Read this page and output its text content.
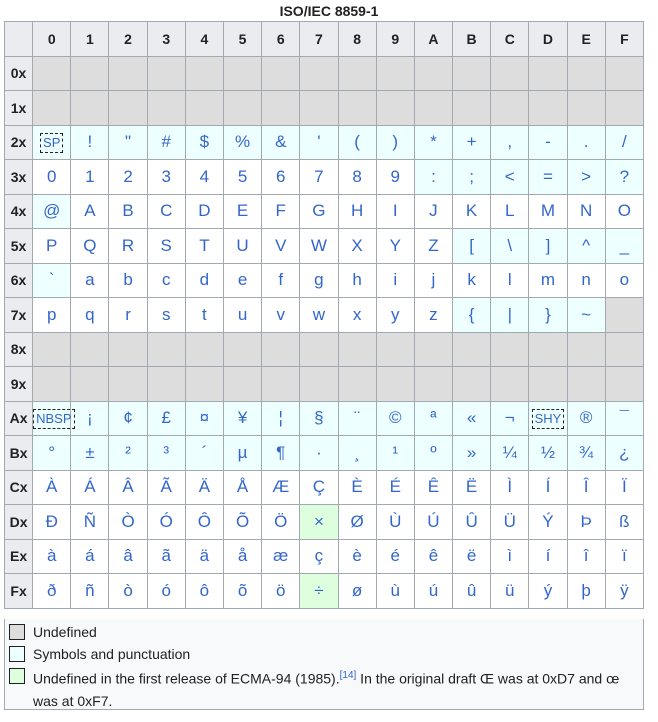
ISO/IEC 8859-1
	0	1	2	3	4	5	6	7	8	9	A	B	C	D	E	F
0x																
1x																
2x	SP	!	"	#	$	%	&	'	(	)	*	+	,	-	.	/
3x	0	1	2	3	4	5	6	7	8	9	:	;	<	=	>	?
4x	@	A	B	C	D	E	F	G	H	I	J	K	L	M	N	O
5x	P	Q	R	S	T	U	V	W	X	Y	Z	[	\	]	^	_
6x	`	a	b	c	d	e	f	g	h	i	j	k	l	m	n	o
7x	p	q	r	s	t	u	v	w	x	y	z	{	|	}	~	
8x																
9x																
Ax	NBSP	¡	¢	£	¤	¥	¦	§	¨	©	ª	«	¬	SHY	®	¯
Bx	°	±	²	³	´	µ	¶	·	¸	¹	º	»	¼	½	¾	¿
Cx	À	Á	Â	Ã	Ä	Å	Æ	Ç	È	É	Ê	Ë	Ì	Í	Î	Ï
Dx	Ð	Ñ	Ò	Ó	Ô	Õ	Ö	×	Ø	Ù	Ú	Û	Ü	Ý	Þ	ß
Ex	à	á	â	ã	ä	å	æ	ç	è	é	ê	ë	ì	í	î	ï
Fx	ð	ñ	ò	ó	ô	õ	ö	÷	ø	ù	ú	û	ü	ý	þ	ÿ
Undefined
Symbols and punctuation
Undefined in the first release of ECMA-94 (1985).[14] In the original draft Œ was at 0xD7 and œ was at 0xF7.
